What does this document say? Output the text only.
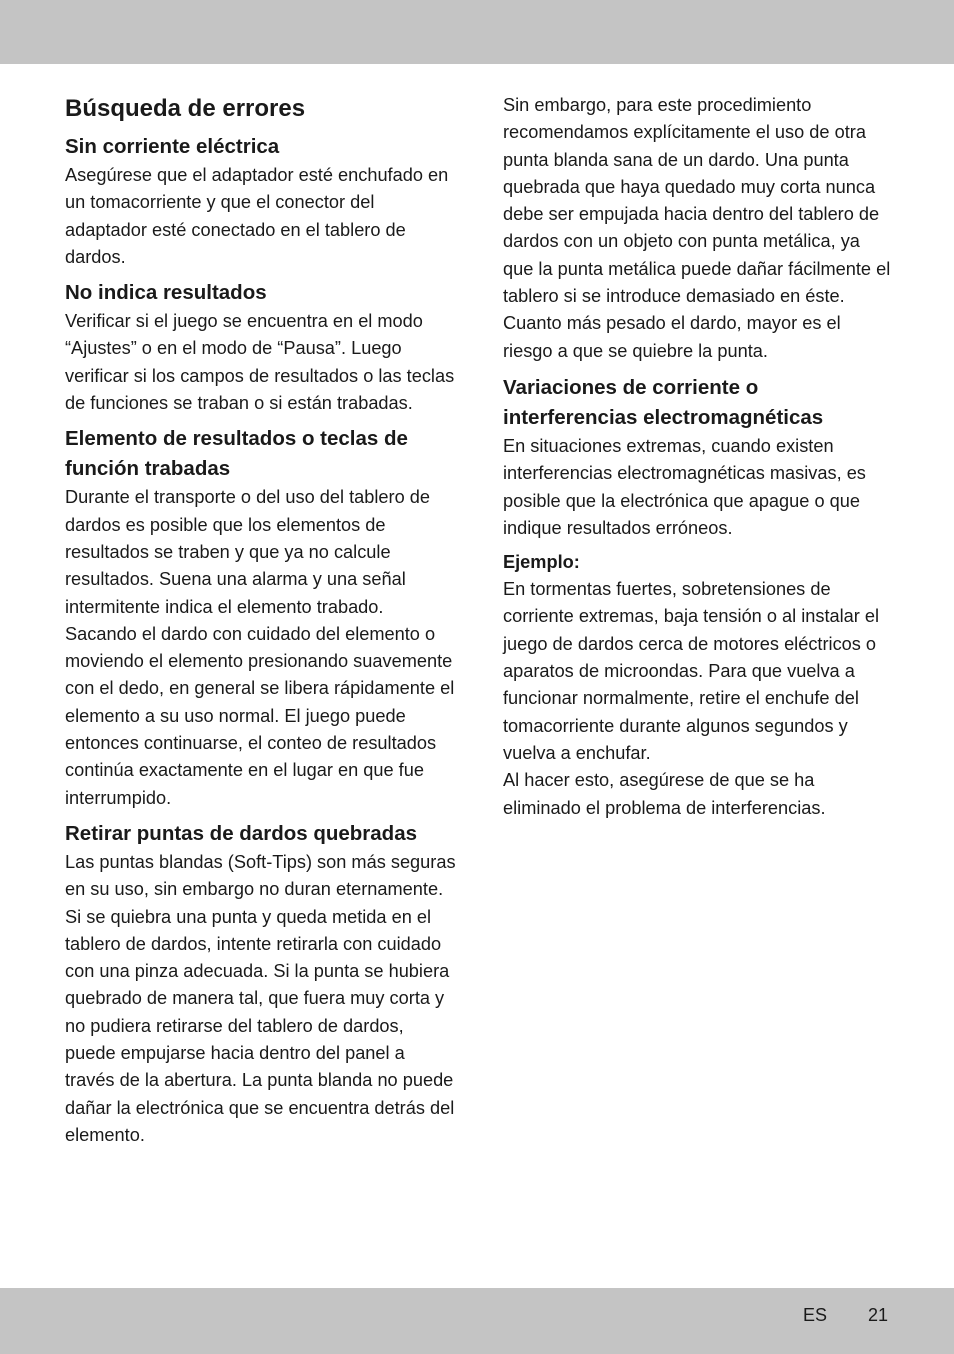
Búsqueda de errores
Sin corriente eléctrica

Asegúrese que el adaptador esté enchufado en un tomacorriente y que el conector del adaptador esté conectado en el tablero de dardos.

No indica resultados

Verificar si el juego se encuentra en el modo “Ajustes” o en el modo de “Pausa”. Luego verificar si los campos de resultados o las teclas de funciones se traban o si están trabadas.

Elemento de resultados o teclas de función trabadas

Durante el transporte o del uso del tablero de dardos es posible que los elementos de resultados se traben y que ya no calcule resultados. Suena una alarma y una señal intermitente indica el elemento trabado. Sacando el dardo con cuidado del elemento o moviendo el elemento presionando suavemente con el dedo, en general se libera rápidamente el elemento a su uso normal. El juego puede entonces continuarse, el conteo de resultados continúa exactamente en el lugar en que fue interrumpido.

Retirar puntas de dardos quebradas

Las puntas blandas (Soft-Tips) son más seguras en su uso, sin embargo no duran eternamente. Si se quiebra una punta y queda metida en el tablero de dardos, intente retirarla con cuidado con una pinza adecuada. Si la punta se hubiera quebrado de manera tal, que fuera muy corta y no pudiera retirarse del tablero de dardos, puede empujarse hacia dentro del panel a través de la abertura. La punta blanda no puede dañar la electrónica que se encuentra detrás del elemento.

Sin embargo, para este procedimiento recomendamos explícitamente el uso de otra punta blanda sana de un dardo. Una punta quebrada que haya quedado muy corta nunca debe ser empujada hacia dentro del tablero de dardos con un objeto con punta metálica, ya que la punta metálica puede dañar fácilmente el tablero si se introduce demasiado en éste. Cuanto más pesado el dardo, mayor es el riesgo a que se quiebre la punta.

Variaciones de corriente o interferencias electromagnéticas

En situaciones extremas, cuando existen interferencias electromagnéticas masivas, es posible que la electrónica que apague o que indique resultados erróneos.

Ejemplo:

En tormentas fuertes, sobretensiones de corriente extremas, baja tensión o al instalar el juego de dardos cerca de motores eléctricos o aparatos de microondas. Para que vuelva a funcionar normalmente, retire el enchufe del tomacorriente durante algunos segundos y vuelva a enchufar.

Al hacer esto, asegúrese de que se ha eliminado el problema de interferencias.

ES 21
